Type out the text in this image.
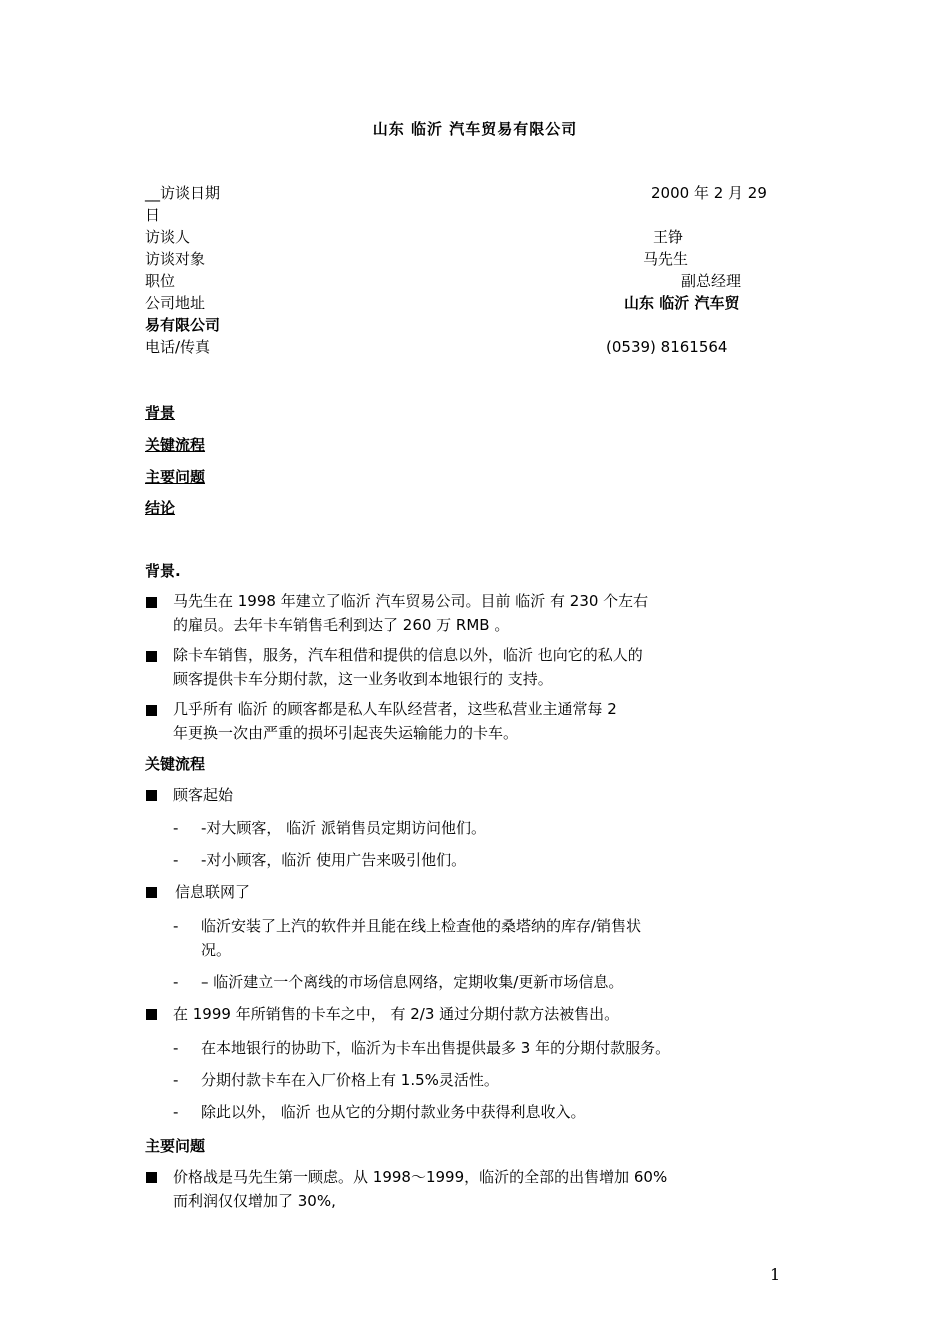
山东 临沂 汽车贸易有限公司
__访谈日期	2000 年 2 月 29
日
访谈人	王铮
访谈对象	马先生
职位	副总经理
公司地址	山东 临沂 汽车贸
易有限公司
电话/传真	(0539) 8161564
背景
关键流程
主要问题
结论
背景.
马先生在 1998 年建立了临沂 汽车贸易公司。目前 临沂 有 230 个左右
的雇员。去年卡车销售毛利到达了 260 万 RMB 。
除卡车销售，服务，汽车租借和提供的信息以外，临沂 也向它的私人的
顾客提供卡车分期付款，这一业务收到本地银行的 支持。
几乎所有 临沂 的顾客都是私人车队经营者，这些私营业主通常每 2
年更换一次由严重的损坏引起丧失运输能力的卡车。
关键流程
顾客起始
- -对大顾客， 临沂 派销售员定期访问他们。
- -对小顾客，临沂 使用广告来吸引他们。
信息联网了
- 临沂安装了上汽的软件并且能在线上检查他的桑塔纳的库存/销售状
况。
- – 临沂建立一个离线的市场信息网络，定期收集/更新市场信息。
在 1999 年所销售的卡车之中， 有 2/3 通过分期付款方法被售出。
- 在本地银行的协助下，临沂为卡车出售提供最多 3 年的分期付款服务。
- 分期付款卡车在入厂价格上有 1.5%灵活性。
- 除此以外， 临沂 也从它的分期付款业务中获得利息收入。
主要问题
价格战是马先生第一顾虑。从 1998～1999，临沂的全部的出售增加 60%
而利润仅仅增加了 30%,
1
